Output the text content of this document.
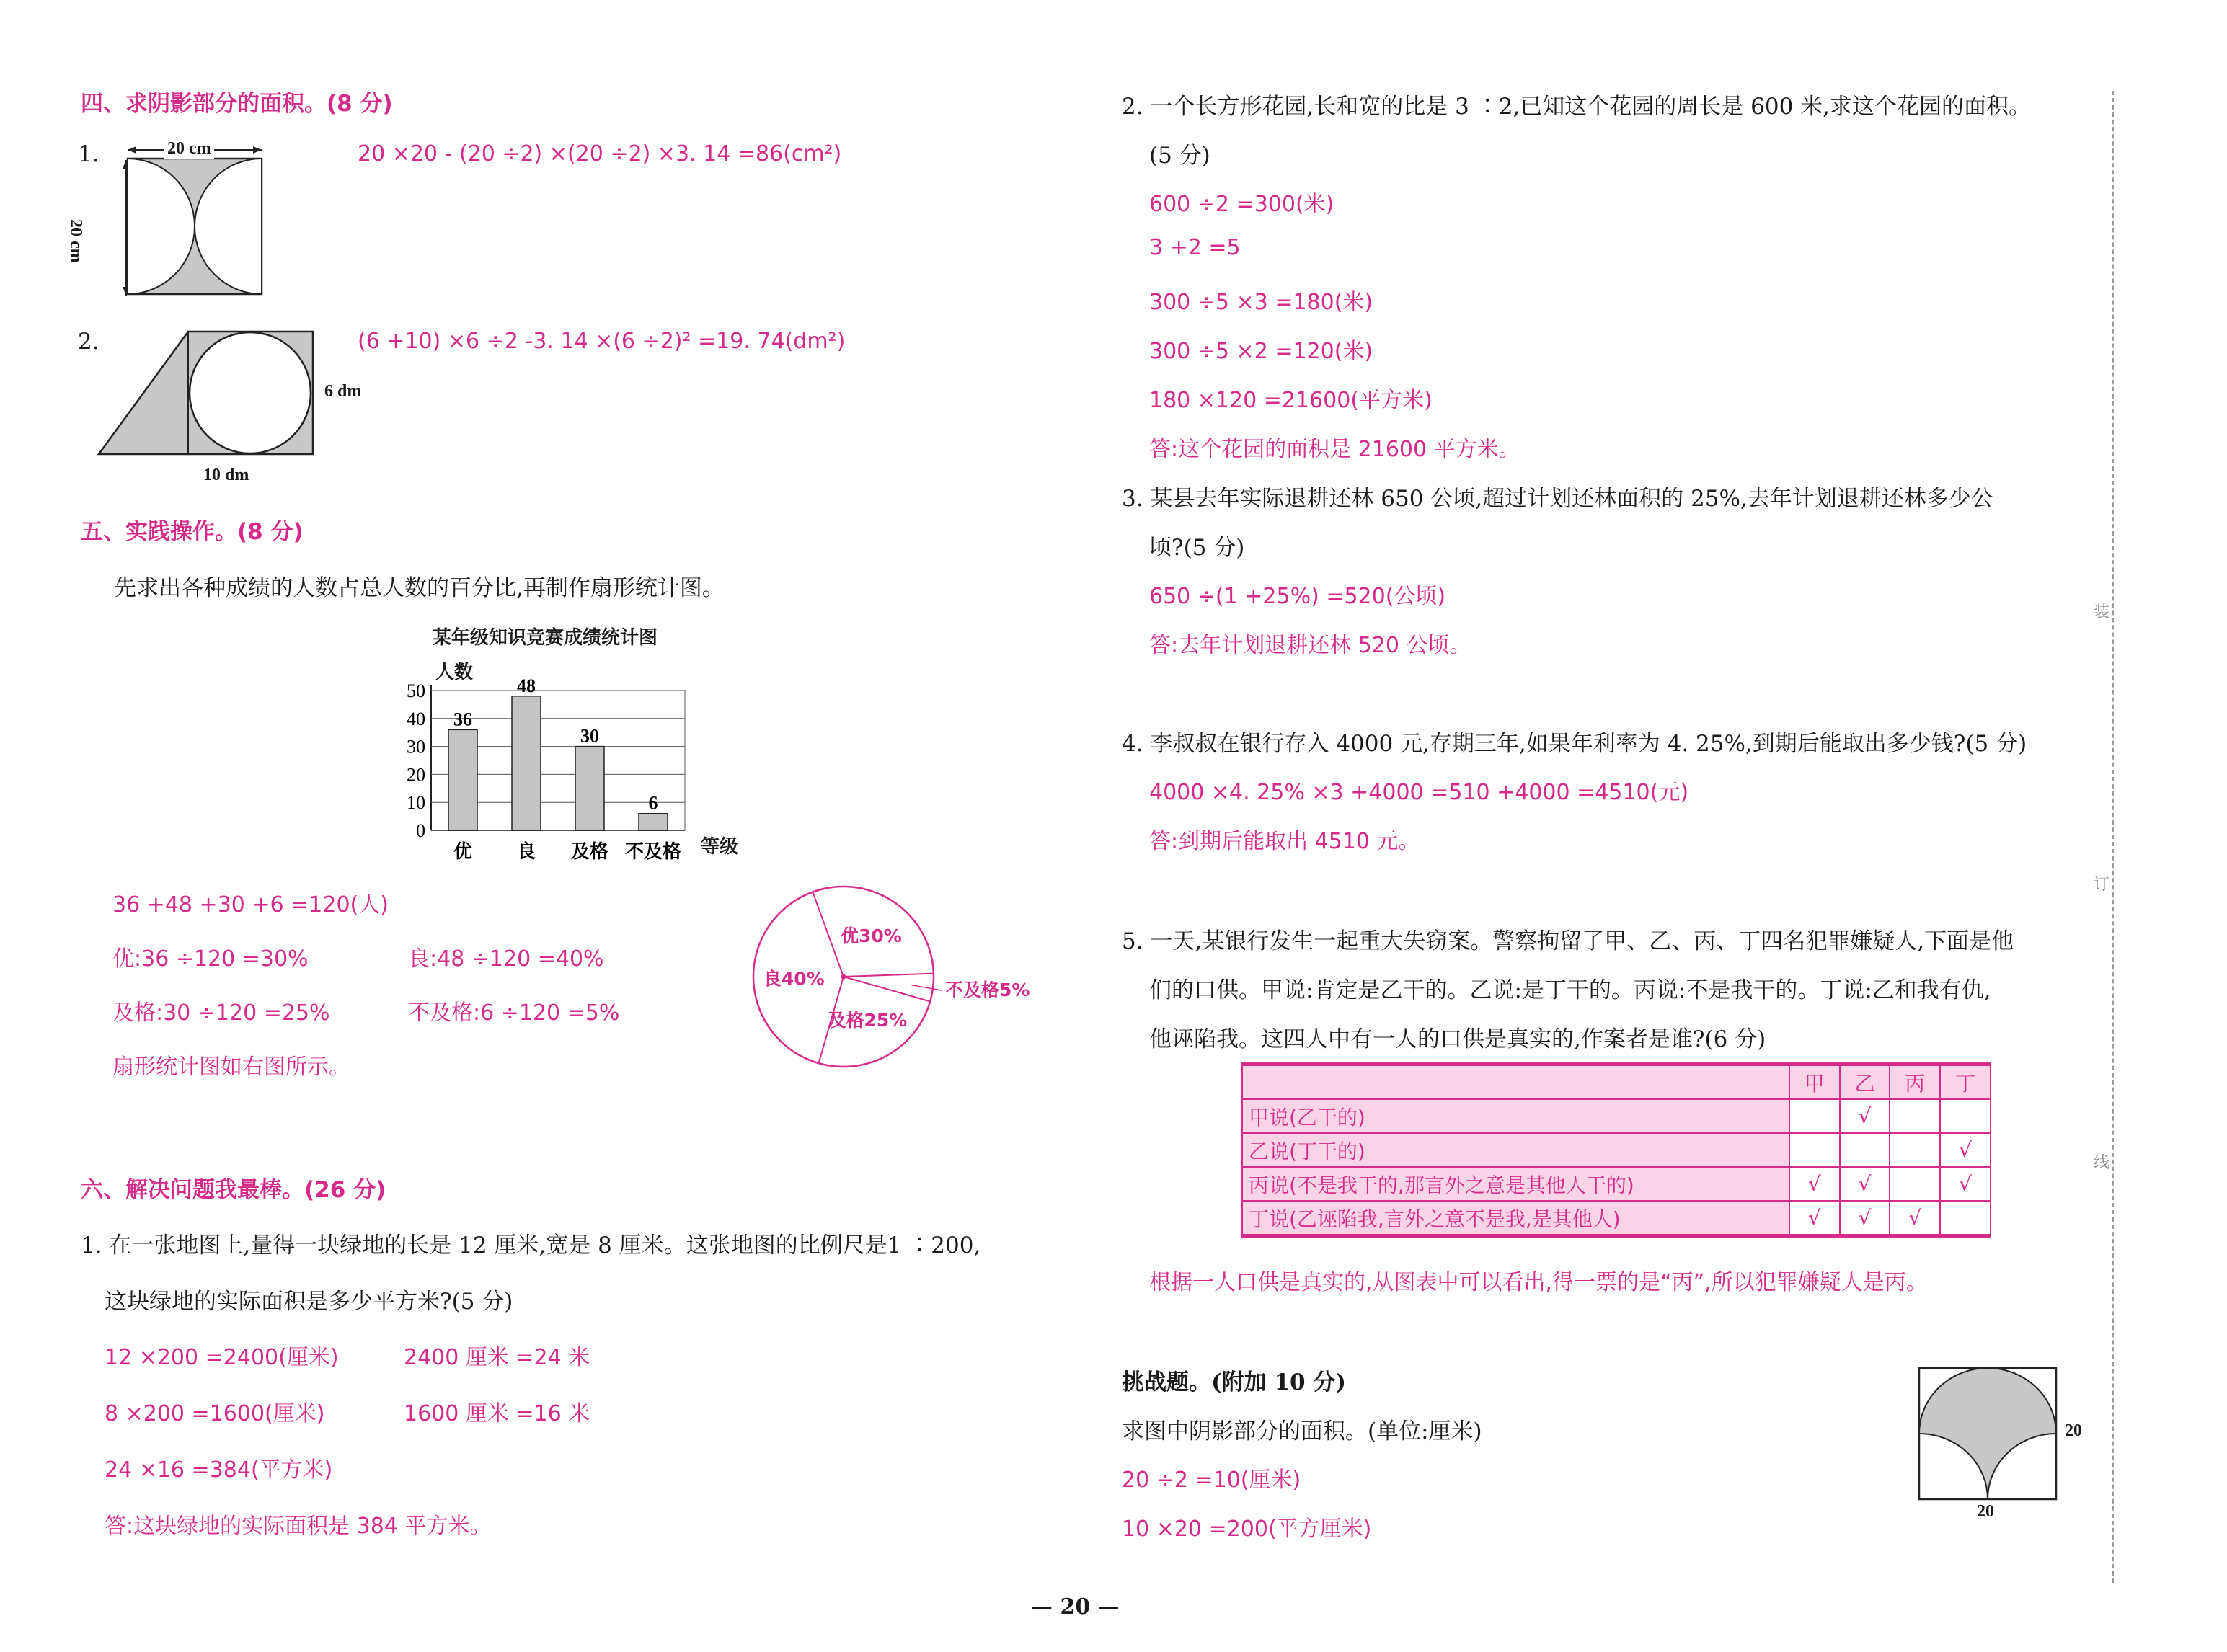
四、求阴影部分的面积。(8 分)
1.	20 cm
20 cm
20 ×20 - (20 ÷2) ×(20 ÷2) ×3. 14 =86(cm²)
2.
6 dm
10 dm
(6 +10) ×6 ÷2 -3. 14 ×(6 ÷2)² =19. 74(dm²)
五、实践操作。(8 分)
先求出各种成绩的人数占总人数的百分比,再制作扇形统计图。
某年级知识竞赛成绩统计图
人数
0
10
20
30
40
50
36
优
48
良
30
及格
6
不及格 等级
36 +48 +30 +6 =120(人)
优:36 ÷120 =30%	良:48 ÷120 =40%
及格:30 ÷120 =25%	不及格:6 ÷120 =5%
扇形统计图如右图所示。
优30%
良40%
及格25%
不及格5%
六、解决问题我最棒。(26 分)
1. 在一张地图上,量得一块绿地的长是 12 厘米,宽是 8 厘米。这张地图的比例尺是1 ∶200,
这块绿地的实际面积是多少平方米?(5 分)
12 ×200 =2400(厘米)	2400 厘米 =24 米
8 ×200 =1600(厘米)	1600 厘米 =16 米
24 ×16 =384(平方米)
答:这块绿地的实际面积是 384 平方米。
2. 一个长方形花园,长和宽的比是 3 ∶2,已知这个花园的周长是 600 米,求这个花园的面积。
(5 分)
600 ÷2 =300(米)
3 +2 =5
300 ÷5 ×3 =180(米)
300 ÷5 ×2 =120(米)
180 ×120 =21600(平方米)
答:这个花园的面积是 21600 平方米。
3. 某县去年实际退耕还林 650 公顷,超过计划还林面积的 25%,去年计划退耕还林多少公
顷?(5 分)
650 ÷(1 +25%) =520(公顷)
答:去年计划退耕还林 520 公顷。
4. 李叔叔在银行存入 4000 元,存期三年,如果年利率为 4. 25%,到期后能取出多少钱?(5 分)
4000 ×4. 25% ×3 +4000 =510 +4000 =4510(元)
答:到期后能取出 4510 元。
5. 一天,某银行发生一起重大失窃案。警察拘留了甲、乙、丙、丁四名犯罪嫌疑人,下面是他
们的口供。甲说:肯定是乙干的。乙说:是丁干的。丙说:不是我干的。丁说:乙和我有仇,
他诬陷我。这四人中有一人的口供是真实的,作案者是谁?(6 分)
	甲	乙	丙	丁
甲说(乙干的)		√		
乙说(丁干的)				√
丙说(不是我干的,那言外之意是其他人干的)	√	√		√
丁说(乙诬陷我,言外之意不是我,是其他人)	√	√	√	
根据一人口供是真实的,从图表中可以看出,得一票的是“丙”,所以犯罪嫌疑人是丙。
挑战题。(附加 10 分)
求图中阴影部分的面积。(单位:厘米)
20 ÷2 =10(厘米)
10 ×20 =200(平方厘米)
20
20
装
订
线
— 20 —
